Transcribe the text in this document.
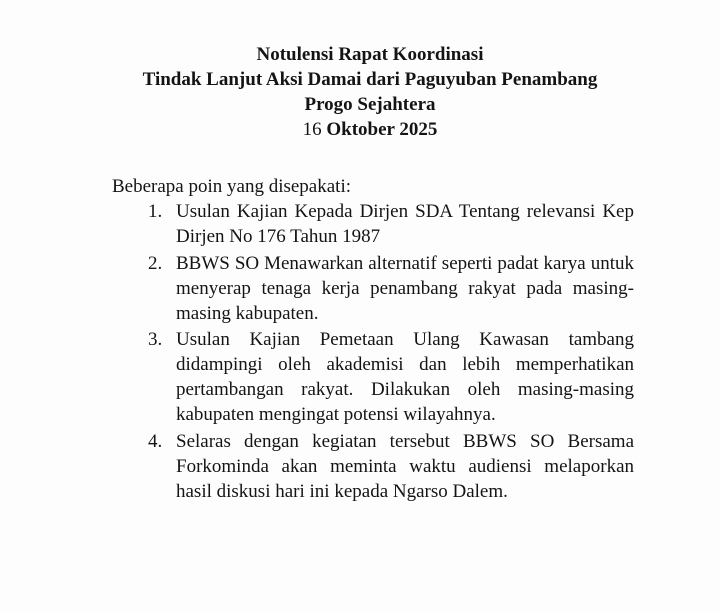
Notulensi Rapat Koordinasi
Tindak Lanjut Aksi Damai dari Paguyuban Penambang
Progo Sejahtera
16 Oktober 2025
Beberapa poin yang disepakati:
1. Usulan Kajian Kepada Dirjen SDA Tentang relevansi Kep Dirjen No 176 Tahun 1987
2. BBWS SO Menawarkan alternatif seperti padat karya untuk menyerap tenaga kerja penambang rakyat pada masing-masing kabupaten.
3. Usulan Kajian Pemetaan Ulang Kawasan tambang didampingi oleh akademisi dan lebih memperhatikan pertambangan rakyat. Dilakukan oleh masing-masing kabupaten mengingat potensi wilayahnya.
4. Selaras dengan kegiatan tersebut BBWS SO Bersama Forkominda akan meminta waktu audiensi melaporkan hasil diskusi hari ini kepada Ngarso Dalem.
